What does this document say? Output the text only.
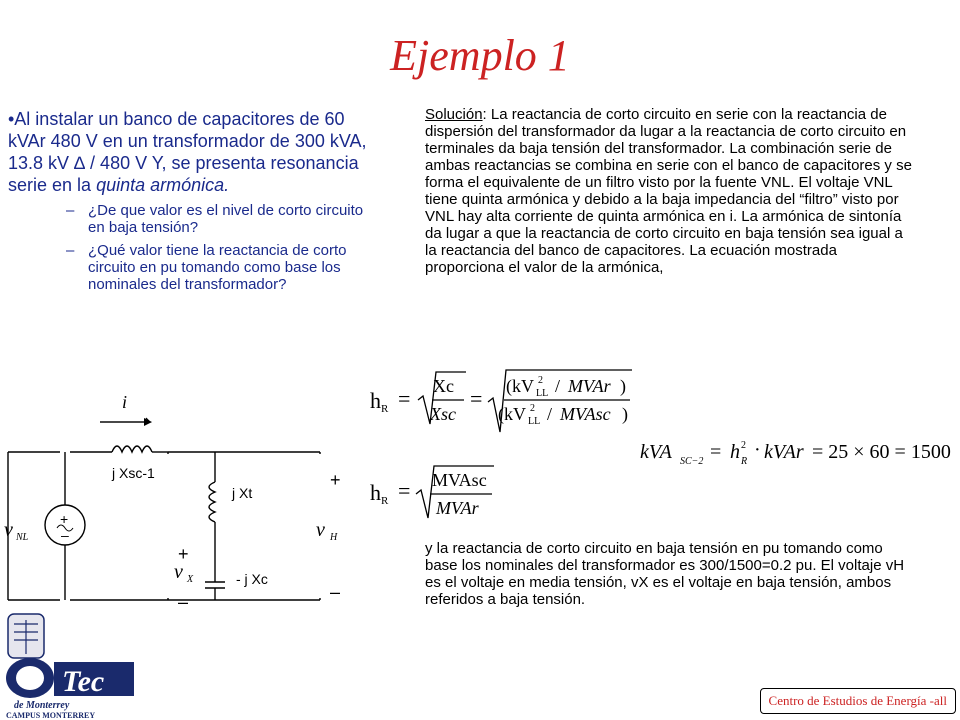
Ejemplo 1
•Al instalar un banco de capacitores de 60 kVAr 480 V en un transformador de 300 kVA, 13.8 kV ∆ / 480 V Y, se presenta resonancia serie en la quinta armónica.
– ¿De que valor es el nivel de corto circuito en baja tensión?
– ¿Qué valor tiene la reactancia de corto circuito en pu tomando como base los nominales del transformador?
Solución: La reactancia de corto circuito en serie con la reactancia de dispersión del transformador da lugar a la reactancia de corto circuito en terminales da baja tensión del transformador. La combinación serie de ambas reactancias se combina en serie con el banco de capacitores y se forma el equivalente de un filtro visto por la fuente VNL. El voltaje VNL tiene quinta armónica y debido a la baja impedancia del “filtro” visto por VNL hay alta corriente de quinta armónica en i. La armónica de sintonía da lugar a que la reactancia de corto circuito en baja tensión sea igual a la reactancia del banco de capacitores. La ecuación mostrada proporciona el valor de la armónica,
y la reactancia de corto circuito en baja tensión en pu tomando como base los nominales del transformador es 300/1500=0.2 pu. El voltaje vH es el voltaje en media tensión, vX es el voltaje en baja tensión, ambos referidos a baja tensión.
h R = Xc
Xsc
= (kV 2
LL / MVAr )
(kV 2
LL / MVAsc )
kVA SC−2 = h 2
R
· kVAr = 25 × 60 = 1500
h R = MVAsc
MVAr
+
–
i
j Xsc-1
j Xt
- j Xc
+
–
v H
+
–
v X
v NL
Tec
de Monterrey
CAMPUS MONTERREY
Centro de Estudios de Energía -all
